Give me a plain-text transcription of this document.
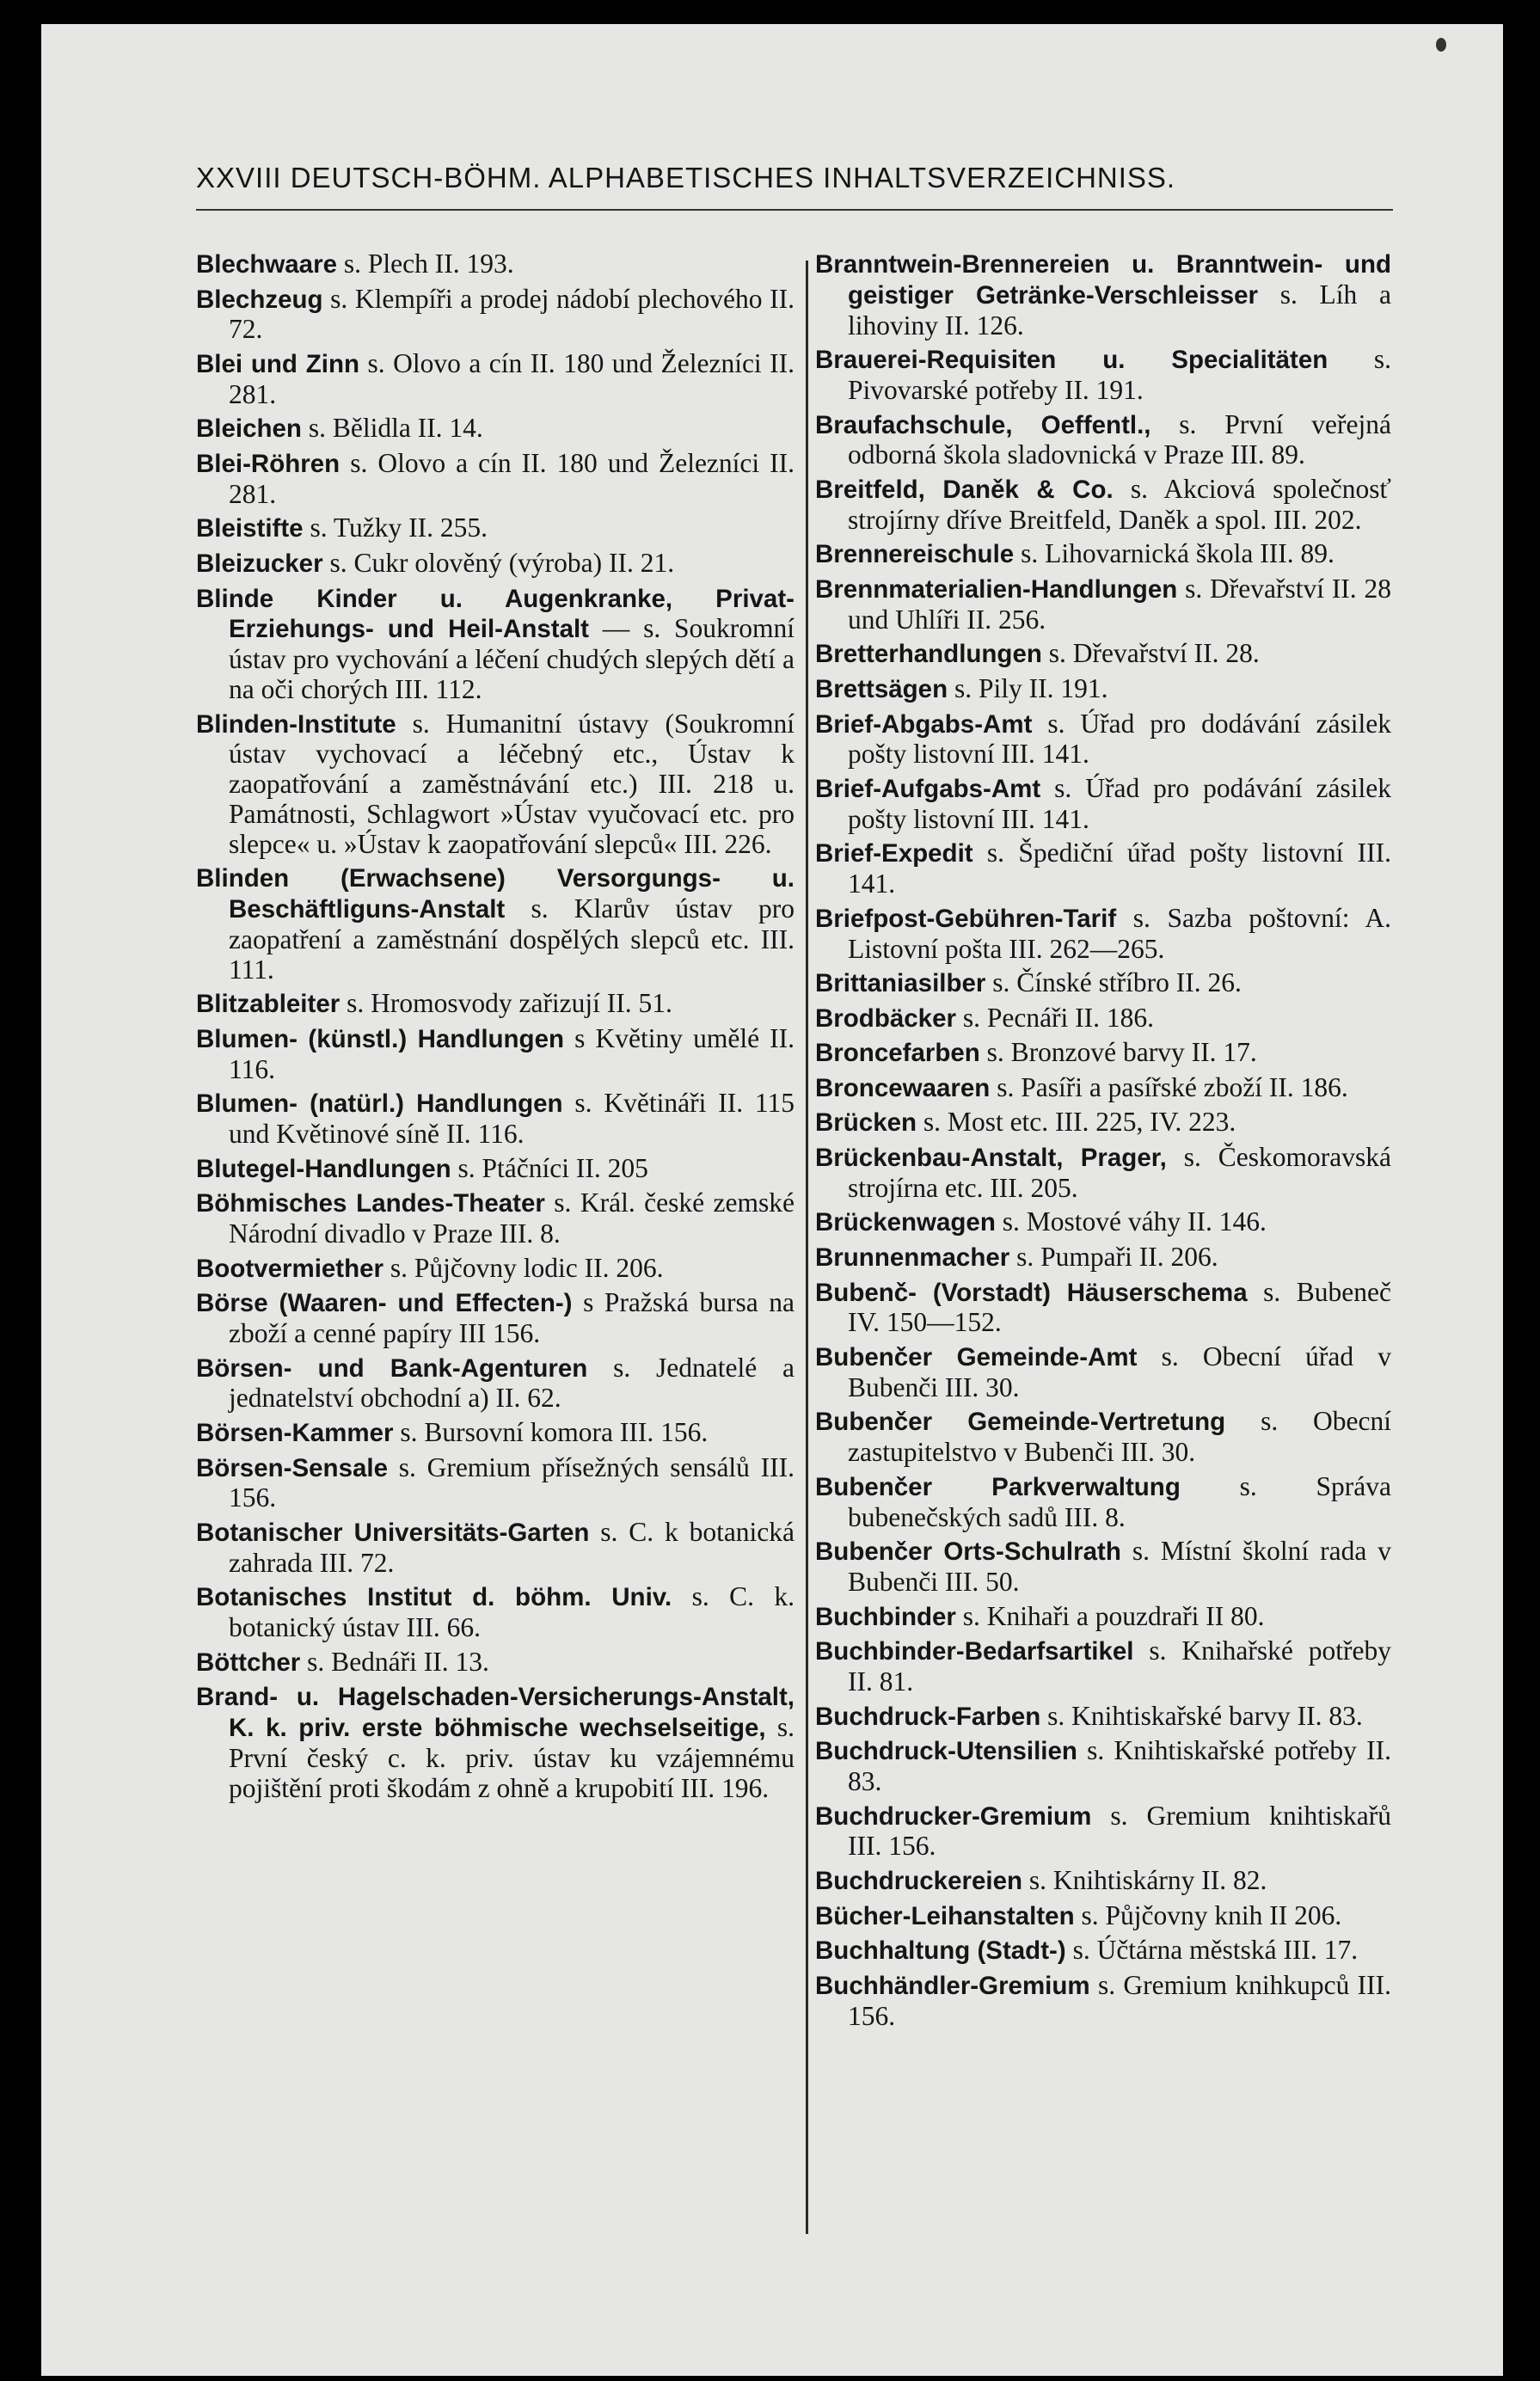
XXVIII DEUTSCH-BÖHM. ALPHABETISCHES INHALTSVERZEICHNISS.

Blechwaare s. Plech II. 193.

Blechzeug s. Klempíři a prodej nádobí plechového II. 72.

Blei und Zinn s. Olovo a cín II. 180 und Železníci II. 281.

Bleichen s. Bělidla II. 14.

Blei-Röhren s. Olovo a cín II. 180 und Železníci II. 281.

Bleistifte s. Tužky II. 255.

Bleizucker s. Cukr olověný (výroba) II. 21.

Blinde Kinder u. Augenkranke, Privat-Erziehungs- und Heil-Anstalt — s. Soukromní ústav pro vychování a léčení chudých slepých dětí a na oči chorých III. 112.

Blinden-Institute s. Humanitní ústavy (Soukromní ústav vychovací a léčebný etc., Ústav k zaopatřování a zaměstnávání etc.) III. 218 u. Památnosti, Schlagwort »Ústav vyučovací etc. pro slepce« u. »Ústav k zaopatřování slepců« III. 226.

Blinden (Erwachsene) Versorgungs- u. Beschäftliguns-Anstalt s. Klarův ústav pro zaopatření a zaměstnání dospělých slepců etc. III. 111.

Blitzableiter s. Hromosvody zařizují II. 51.

Blumen- (künstl.) Handlungen s Květiny umělé II. 116.

Blumen- (natürl.) Handlungen s. Květináři II. 115 und Květinové síně II. 116.

Blutegel-Handlungen s. Ptáčníci II. 205

Böhmisches Landes-Theater s. Král. české zemské Národní divadlo v Praze III. 8.

Bootvermiether s. Půjčovny lodic II. 206.

Börse (Waaren- und Effecten-) s Pražská bursa na zboží a cenné papíry III 156.

Börsen- und Bank-Agenturen s. Jednatelé a jednatelství obchodní a) II. 62.

Börsen-Kammer s. Bursovní komora III. 156.

Börsen-Sensale s. Gremium přísežných sensálů III. 156.

Botanischer Universitäts-Garten s. C. k botanická zahrada III. 72.

Botanisches Institut d. böhm. Univ. s. C. k. botanický ústav III. 66.

Böttcher s. Bednáři II. 13.

Brand- u. Hagelschaden-Versicherungs-Anstalt, K. k. priv. erste böhmische wechselseitige, s. První český c. k. priv. ústav ku vzájemnému pojištění proti škodám z ohně a krupobití III. 196.

Branntwein-Brennereien u. Branntwein- und geistiger Getränke-Verschleisser s. Líh a lihoviny II. 126.

Brauerei-Requisiten u. Specialitäten s. Pivovarské potřeby II. 191.

Braufachschule, Oeffentl., s. První veřejná odborná škola sladovnická v Praze III. 89.

Breitfeld, Daněk & Co. s. Akciová společnosť strojírny dříve Breitfeld, Daněk a spol. III. 202.

Brennereischule s. Lihovarnická škola III. 89.

Brennmaterialien-Handlungen s. Dřevařství II. 28 und Uhlíři II. 256.

Bretterhandlungen s. Dřevařství II. 28.

Brettsägen s. Pily II. 191.

Brief-Abgabs-Amt s. Úřad pro dodávání zásilek pošty listovní III. 141.

Brief-Aufgabs-Amt s. Úřad pro podávání zásilek pošty listovní III. 141.

Brief-Expedit s. Špediční úřad pošty listovní III. 141.

Briefpost-Gebühren-Tarif s. Sazba poštovní: A. Listovní pošta III. 262—265.

Brittaniasilber s. Čínské stříbro II. 26.

Brodbäcker s. Pecnáři II. 186.

Broncefarben s. Bronzové barvy II. 17.

Broncewaaren s. Pasíři a pasířské zboží II. 186.

Brücken s. Most etc. III. 225, IV. 223.

Brückenbau-Anstalt, Prager, s. Českomoravská strojírna etc. III. 205.

Brückenwagen s. Mostové váhy II. 146.

Brunnenmacher s. Pumpaři II. 206.

Bubenč- (Vorstadt) Häuserschema s. Bubeneč IV. 150—152.

Bubenčer Gemeinde-Amt s. Obecní úřad v Bubenči III. 30.

Bubenčer Gemeinde-Vertretung s. Obecní zastupitelstvo v Bubenči III. 30.

Bubenčer Parkverwaltung s. Správa bubenečských sadů III. 8.

Bubenčer Orts-Schulrath s. Místní školní rada v Bubenči III. 50.

Buchbinder s. Knihaři a pouzdraři II 80.

Buchbinder-Bedarfsartikel s. Knihařské potřeby II. 81.

Buchdruck-Farben s. Knihtiskařské barvy II. 83.

Buchdruck-Utensilien s. Knihtiskařské potřeby II. 83.

Buchdrucker-Gremium s. Gremium knihtiskařů III. 156.

Buchdruckereien s. Knihtiskárny II. 82.

Bücher-Leihanstalten s. Půjčovny knih II 206.

Buchhaltung (Stadt-) s. Účtárna městská III. 17.

Buchhändler-Gremium s. Gremium knihkupců III. 156.
